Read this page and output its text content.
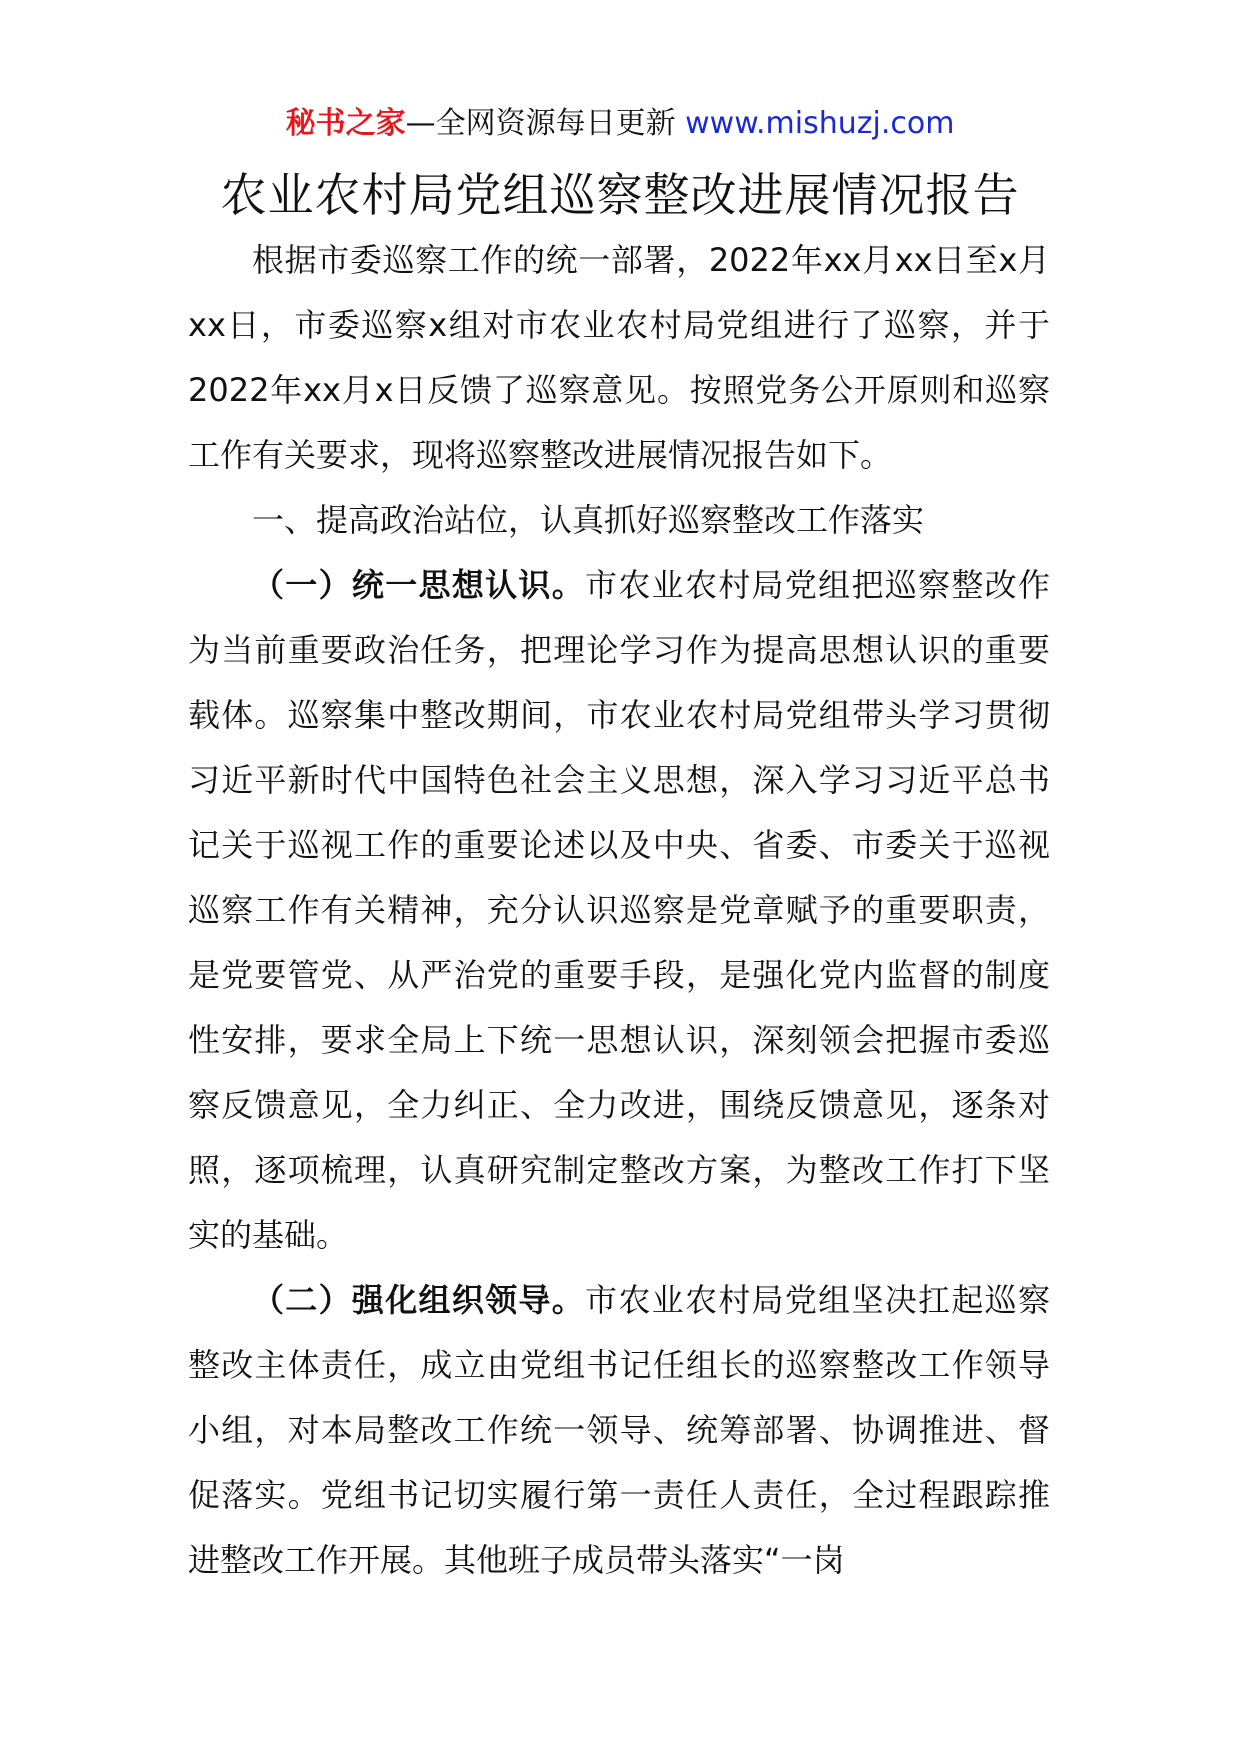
秘书之家—全网资源每日更新 www.mishuzj.com
农业农村局党组巡察整改进展情况报告

根据市委巡察工作的统一部署，2022年xx月xx日至x月xx日，市委巡察x组对市农业农村局党组进行了巡察，并于2022年xx月x日反馈了巡察意见。按照党务公开原则和巡察工作有关要求，现将巡察整改进展情况报告如下。

一、提高政治站位，认真抓好巡察整改工作落实

（一）统一思想认识。市农业农村局党组把巡察整改作为当前重要政治任务，把理论学习作为提高思想认识的重要载体。巡察集中整改期间，市农业农村局党组带头学习贯彻习近平新时代中国特色社会主义思想，深入学习习近平总书记关于巡视工作的重要论述以及中央、省委、市委关于巡视巡察工作有关精神，充分认识巡察是党章赋予的重要职责，是党要管党、从严治党的重要手段，是强化党内监督的制度性安排，要求全局上下统一思想认识，深刻领会把握市委巡察反馈意见，全力纠正、全力改进，围绕反馈意见，逐条对照，逐项梳理，认真研究制定整改方案，为整改工作打下坚实的基础。

（二）强化组织领导。市农业农村局党组坚决扛起巡察整改主体责任，成立由党组书记任组长的巡察整改工作领导小组，对本局整改工作统一领导、统筹部署、协调推进、督促落实。党组书记切实履行第一责任人责任，全过程跟踪推进整改工作开展。其他班子成员带头落实“一岗
